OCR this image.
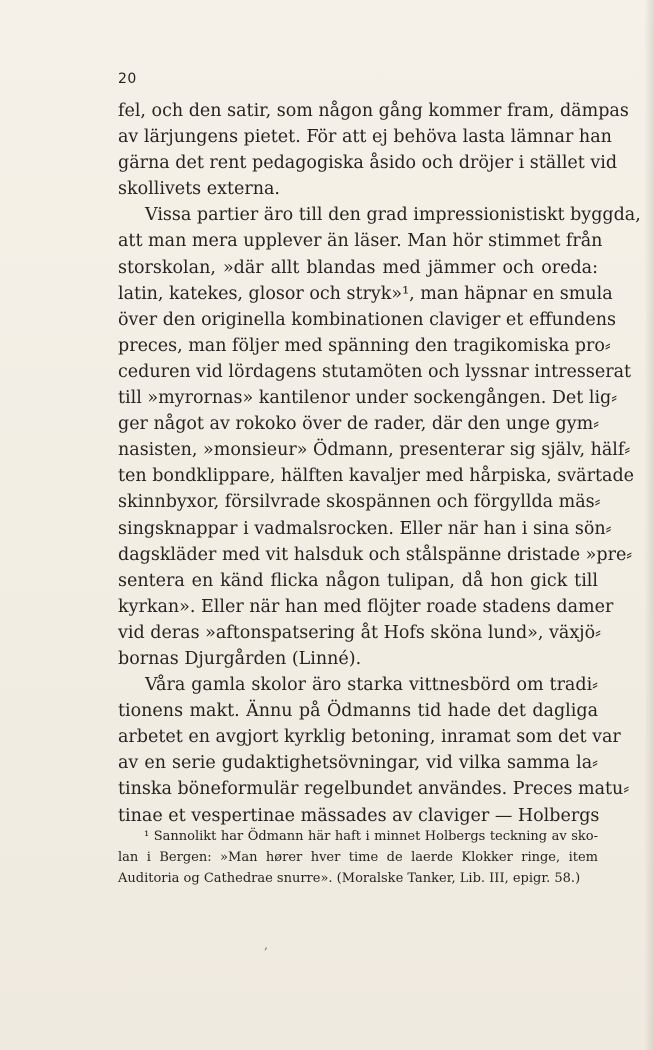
20
fel, och den satir, som någon gång kommer fram, dämpas
av lärjungens pietet. För att ej behöva lasta lämnar han
gärna det rent pedagogiska åsido och dröjer i stället vid
skollivets externa.
Vissa partier äro till den grad impressionistiskt byggda,
att man mera upplever än läser. Man hör stimmet från
storskolan, »där allt blandas med jämmer och oreda:
latin, katekes, glosor och stryk»¹, man häpnar en smula
över den originella kombinationen claviger et effundens
preces, man följer med spänning den tragikomiska pro⸗
ceduren vid lördagens stutamöten och lyssnar intresserat
till »myrornas» kantilenor under sockengången. Det lig⸗
ger något av rokoko över de rader, där den unge gym⸗
nasisten, »monsieur» Ödmann, presenterar sig själv, hälf⸗
ten bondklippare, hälften kavaljer med hårpiska, svärtade
skinnbyxor, försilvrade skospännen och förgyllda mäs⸗
singsknappar i vadmalsrocken. Eller när han i sina sön⸗
dagskläder med vit halsduk och stålspänne dristade »pre⸗
sentera en känd flicka någon tulipan, då hon gick till
kyrkan». Eller när han med flöjter roade stadens damer
vid deras »aftonspatsering åt Hofs sköna lund», växjö⸗
bornas Djurgården (Linné).
Våra gamla skolor äro starka vittnesbörd om tradi⸗
tionens makt. Ännu på Ödmanns tid hade det dagliga
arbetet en avgjort kyrklig betoning, inramat som det var
av en serie gudaktighetsövningar, vid vilka samma la⸗
tinska böneformulär regelbundet användes. Preces matu⸗
tinae et vespertinae mässades av claviger — Holbergs
¹ Sannolikt har Ödmann här haft i minnet Holbergs teckning av sko-
lan i Bergen: »Man hører hver time de laerde Klokker ringe, item
Auditoria og Cathedrae snurre». (Moralske Tanker, Lib. III, epigr. 58.)
‚
